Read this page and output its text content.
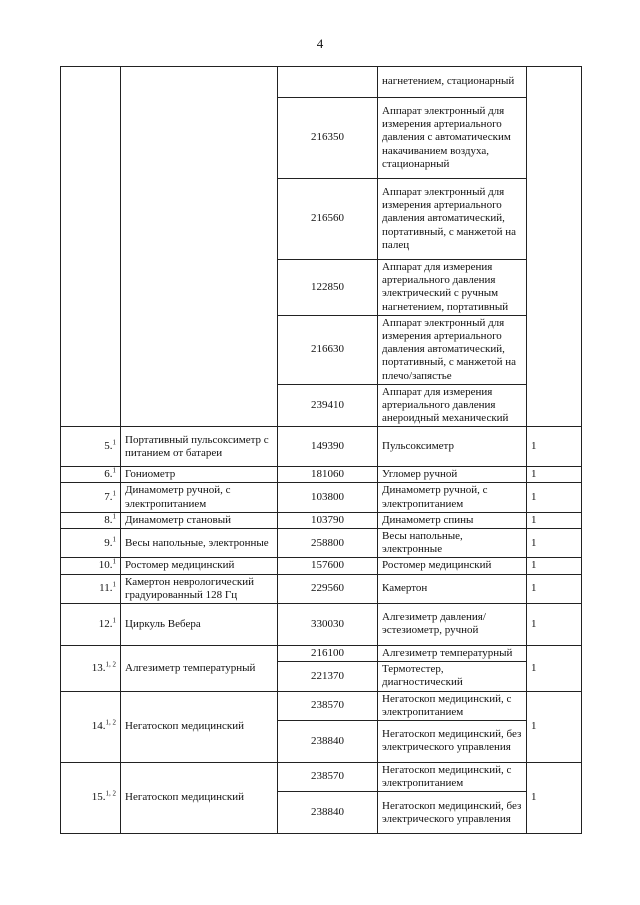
4
			нагнетением, стационарный	
		216350	Аппарат электронный для измерения артериального давления с автоматическим накачиванием воздуха, стационарный	
		216560	Аппарат электронный для измерения артериального давления автоматический, портативный, с манжетой на палец	
		122850	Аппарат для измерения артериального давления электрический с ручным нагнетением, портативный	
		216630	Аппарат электронный для измерения артериального давления автоматический, портативный, с манжетой на плечо/запястье	
		239410	Аппарат для измерения артериального давления анероидный механический	
5.$^1$	Портативный пульсоксиметр с питанием от батареи	149390	Пульсоксиметр	1
6.$^1$	Гониометр	181060	Угломер ручной	1
7.$^1$	Динамометр ручной, с электропитанием	103800	Динамометр ручной, с электропитанием	1
8.$^1$	Динамометр становый	103790	Динамометр спины	1
9.$^1$	Весы напольные, электронные	258800	Весы напольные, электронные	1
10.$^1$	Ростомер медицинский	157600	Ростомер медицинский	1
11.$^1$	Камертон неврологический градуированный 128 Гц	229560	Камертон	1
12.$^1$	Циркуль Вебера	330030	Алгезиметр давления/эстезиометр, ручной	1
13.$^{1, 2}$	Алгезиметр температурный	216100	Алгезиметр температурный	1
		221370	Термотестер, диагностический	
14.$^{1, 2}$	Негатоскоп медицинский	238570	Негатоскоп медицинский, с электропитанием	1
		238840	Негатоскоп медицинский, без электрического управления	
15.$^{1, 2}$	Негатоскоп медицинский	238570	Негатоскоп медицинский, с электропитанием	1
		238840	Негатоскоп медицинский, без электрического управления	
